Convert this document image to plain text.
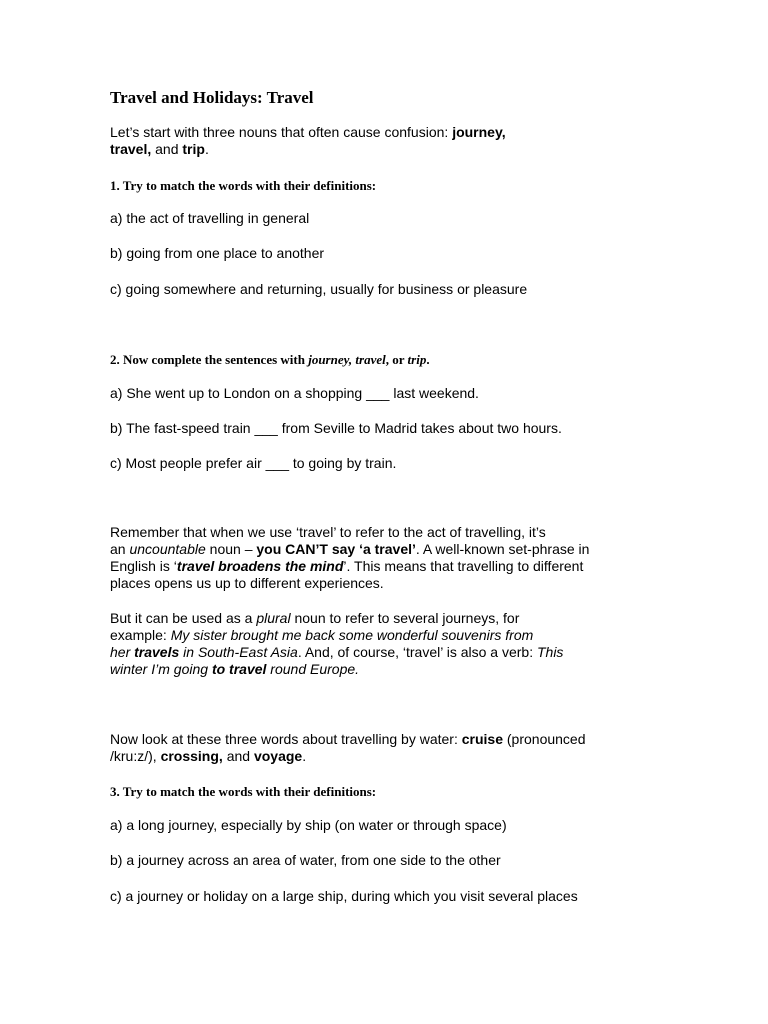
Travel and Holidays: Travel
Let’s start with three nouns that often cause confusion: journey,
travel, and trip.
1. Try to match the words with their definitions:
a) the act of travelling in general
b) going from one place to another
c) going somewhere and returning, usually for business or pleasure
2. Now complete the sentences with journey, travel, or trip.
a) She went up to London on a shopping ___ last weekend.
b) The fast-speed train ___ from Seville to Madrid takes about two hours.
c) Most people prefer air ___ to going by train.
Remember that when we use ‘travel’ to refer to the act of travelling, it’s
an uncountable noun – you CAN’T say ‘a travel’. A well-known set-phrase in
English is ‘travel broadens the mind’. This means that travelling to different
places opens us up to different experiences.
But it can be used as a plural noun to refer to several journeys, for
example: My sister brought me back some wonderful souvenirs from
her travels in South-East Asia. And, of course, ‘travel’ is also a verb: This
winter I’m going to travel round Europe.
Now look at these three words about travelling by water: cruise (pronounced
/kru:z/), crossing, and voyage.
3. Try to match the words with their definitions:
a) a long journey, especially by ship (on water or through space)
b) a journey across an area of water, from one side to the other
c) a journey or holiday on a large ship, during which you visit several places
